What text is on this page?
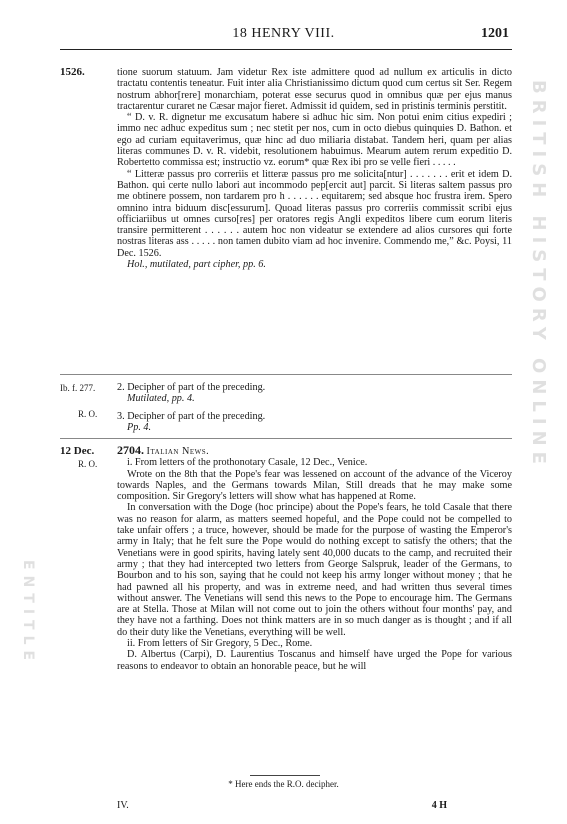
18 HENRY VIII.	1201
BRITISH HISTORY ONLINE
ENTITLE
1526.
Ib. f. 277.
R. O.
12 Dec.
R. O.

tione suorum statuum. Jam videtur Rex iste admittere quod ad nullum ex articulis in dicto tractatu contentis teneatur. Fuit inter alia Christianissimo dictum quod cum certus sit Ser. Regem nostrum abhor[rere] monarchiam, poterat esse securus quod in omnibus quæ per ejus manus tractarentur curaret ne Cæsar major fieret. Admissit id quidem, sed in pristinis terminis perstitit.

“ D. v. R. dignetur me excusatum habere si adhuc hic sim. Non potui enim citius expediri ; immo nec adhuc expeditus sum ; nec stetit per nos, cum in octo diebus quinquies D. Bathon. et ego ad curiam equitaverimus, quæ hinc ad duo miliaria distabat. Tandem heri, quam per alias literas communes D. v. R. videbit, resolutionem habuimus. Mearum autem rerum expeditio D. Robertetto commissa est; instructio vz. eorum* quæ Rex ibi pro se velle fieri . . . . .

“ Litteræ passus pro correriis et litteræ passus pro me solicita[ntur] . . . . . . . erit et idem D. Bathon. qui certe nullo labori aut incommodo pep[ercit aut] parcit. Si literas saltem passus pro me obtinere possem, non tardarem pro h . . . . . . equitarem; sed absque hoc frustra irem. Spero omnino intra biduum disc[essurum]. Quoad literas passus pro correriis commissit scribi ejus officiariibus ut omnes curso[res] per oratores regis Angli expeditos libere cum eorum literis transire permitterent . . . . . . autem hoc non videatur se extendere ad alios cursores qui forte nostras literas ass . . . . . non tamen dubito viam ad hoc invenire. Commendo me,” &c. Poysi, 11 Dec. 1526.

Hol., mutilated, part cipher, pp. 6.

2. Decipher of part of the preceding.

Mutilated, pp. 4.

3. Decipher of part of the preceding.

Pp. 4.

2704. Italian News.

i. From letters of the prothonotary Casale, 12 Dec., Venice.

Wrote on the 8th that the Pope's fear was lessened on account of the advance of the Viceroy towards Naples, and the Germans towards Milan, Still dreads that he may make some composition. Sir Gregory's letters will show what has happened at Rome.

In conversation with the Doge (hoc principe) about the Pope's fears, he told Casale that there was no reason for alarm, as matters seemed hopeful, and the Pope could not be compelled to take unfair offers ; a truce, however, should be made for the purpose of wasting the Emperor's army in Italy; that he felt sure the Pope would do nothing except to satisfy the others; that the Venetians were in good spirits, having lately sent 40,000 ducats to the camp, and recruited their army ; that they had intercepted two letters from George Salspruk, leader of the Germans, to Bourbon and to his son, saying that he could not keep his army longer without money ; that he had pawned all his property, and was in extreme need, and had written thus several times without answer. The Venetians will send this news to the Pope to encourage him. The Germans are at Stella. Those at Milan will not come out to join the others without four months' pay, and they have not a farthing. Does not think matters are in so much danger as is thought ; and if all do their duty like the Venetians, everything will be well.

ii. From letters of Sir Gregory, 5 Dec., Rome.

D. Albertus (Carpi), D. Laurentius Toscanus and himself have urged the Pope for various reasons to endeavor to obtain an honorable peace, but he will

* Here ends the R.O. decipher.
IV.	4 H
